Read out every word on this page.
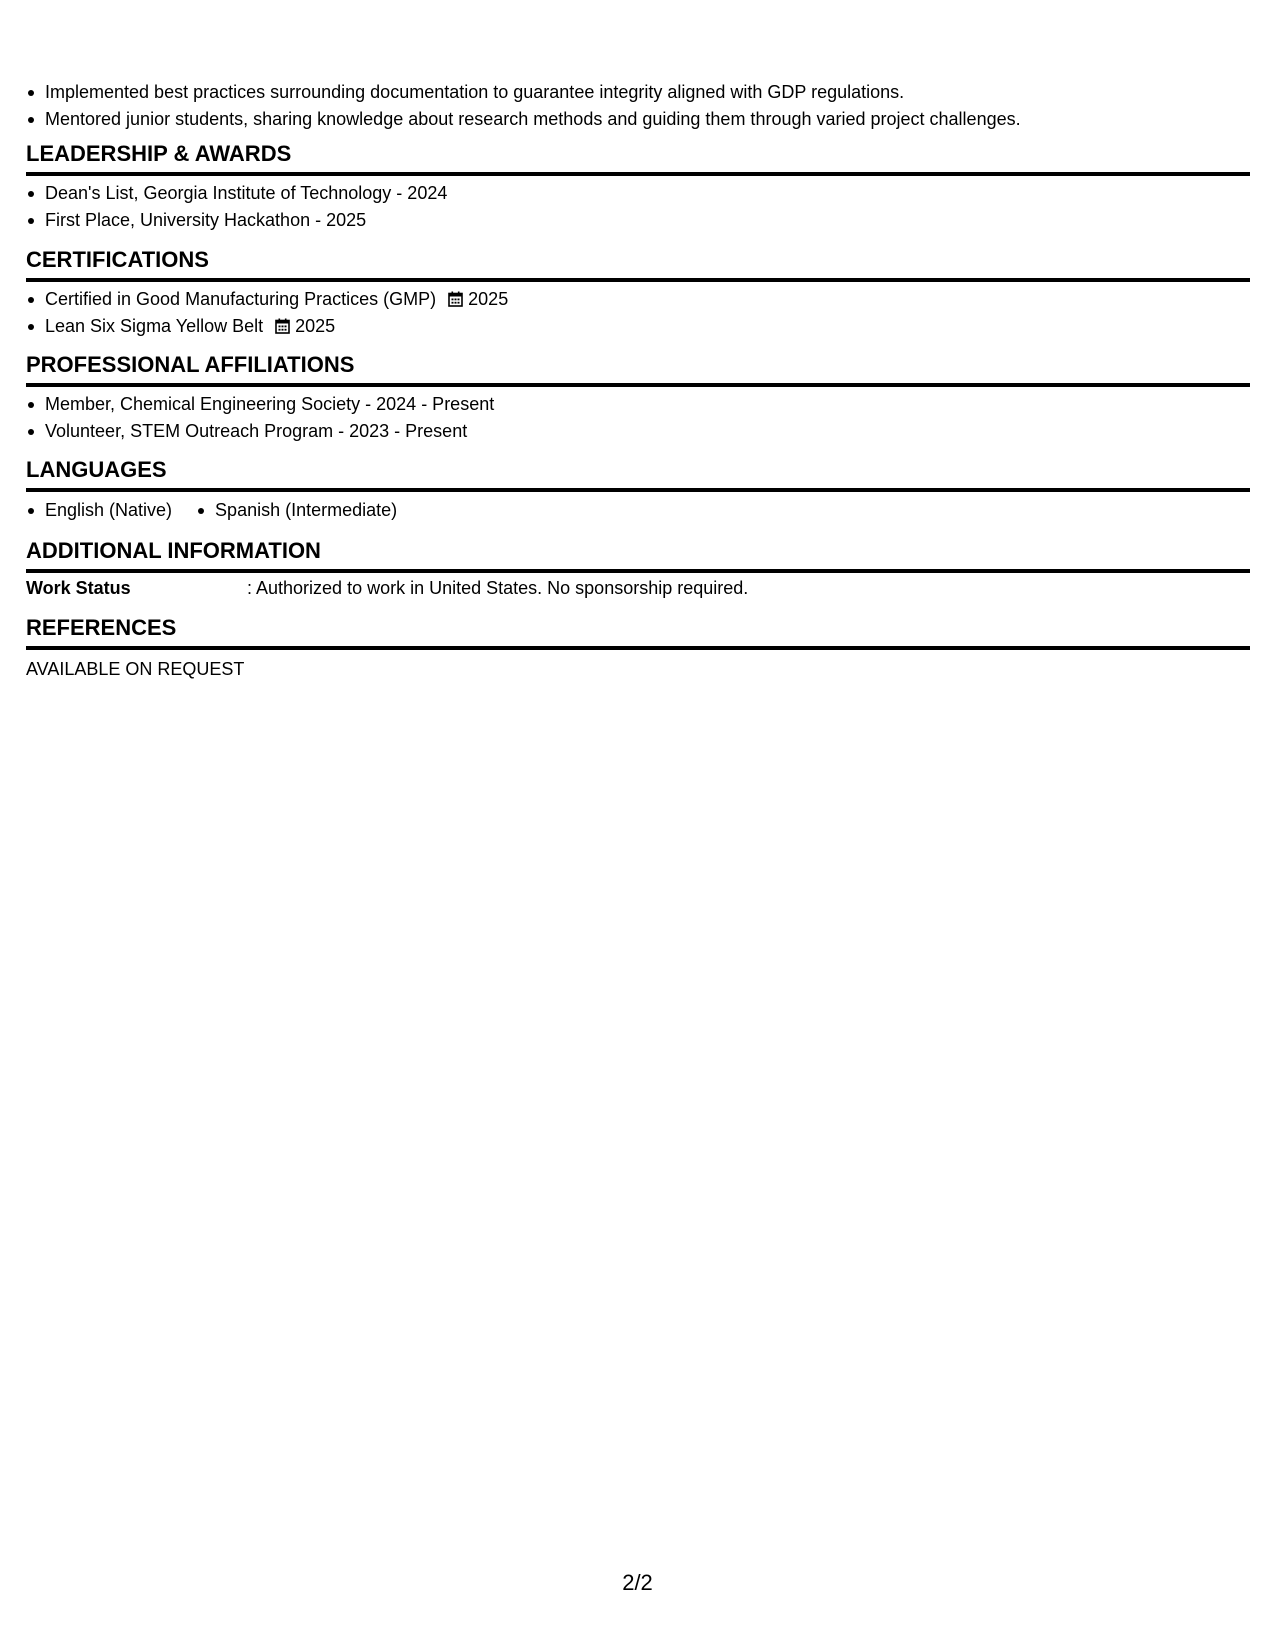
Implemented best practices surrounding documentation to guarantee integrity aligned with GDP regulations.
Mentored junior students, sharing knowledge about research methods and guiding them through varied project challenges.
LEADERSHIP & AWARDS
Dean's List, Georgia Institute of Technology - 2024
First Place, University Hackathon - 2025
CERTIFICATIONS
Certified in Good Manufacturing Practices (GMP) 2025
Lean Six Sigma Yellow Belt 2025
PROFESSIONAL AFFILIATIONS
Member, Chemical Engineering Society - 2024 - Present
Volunteer, STEM Outreach Program - 2023 - Present
LANGUAGES
English (Native)	Spanish (Intermediate)
ADDITIONAL INFORMATION
Work Status	: Authorized to work in United States. No sponsorship required.
REFERENCES
AVAILABLE ON REQUEST
2/2
